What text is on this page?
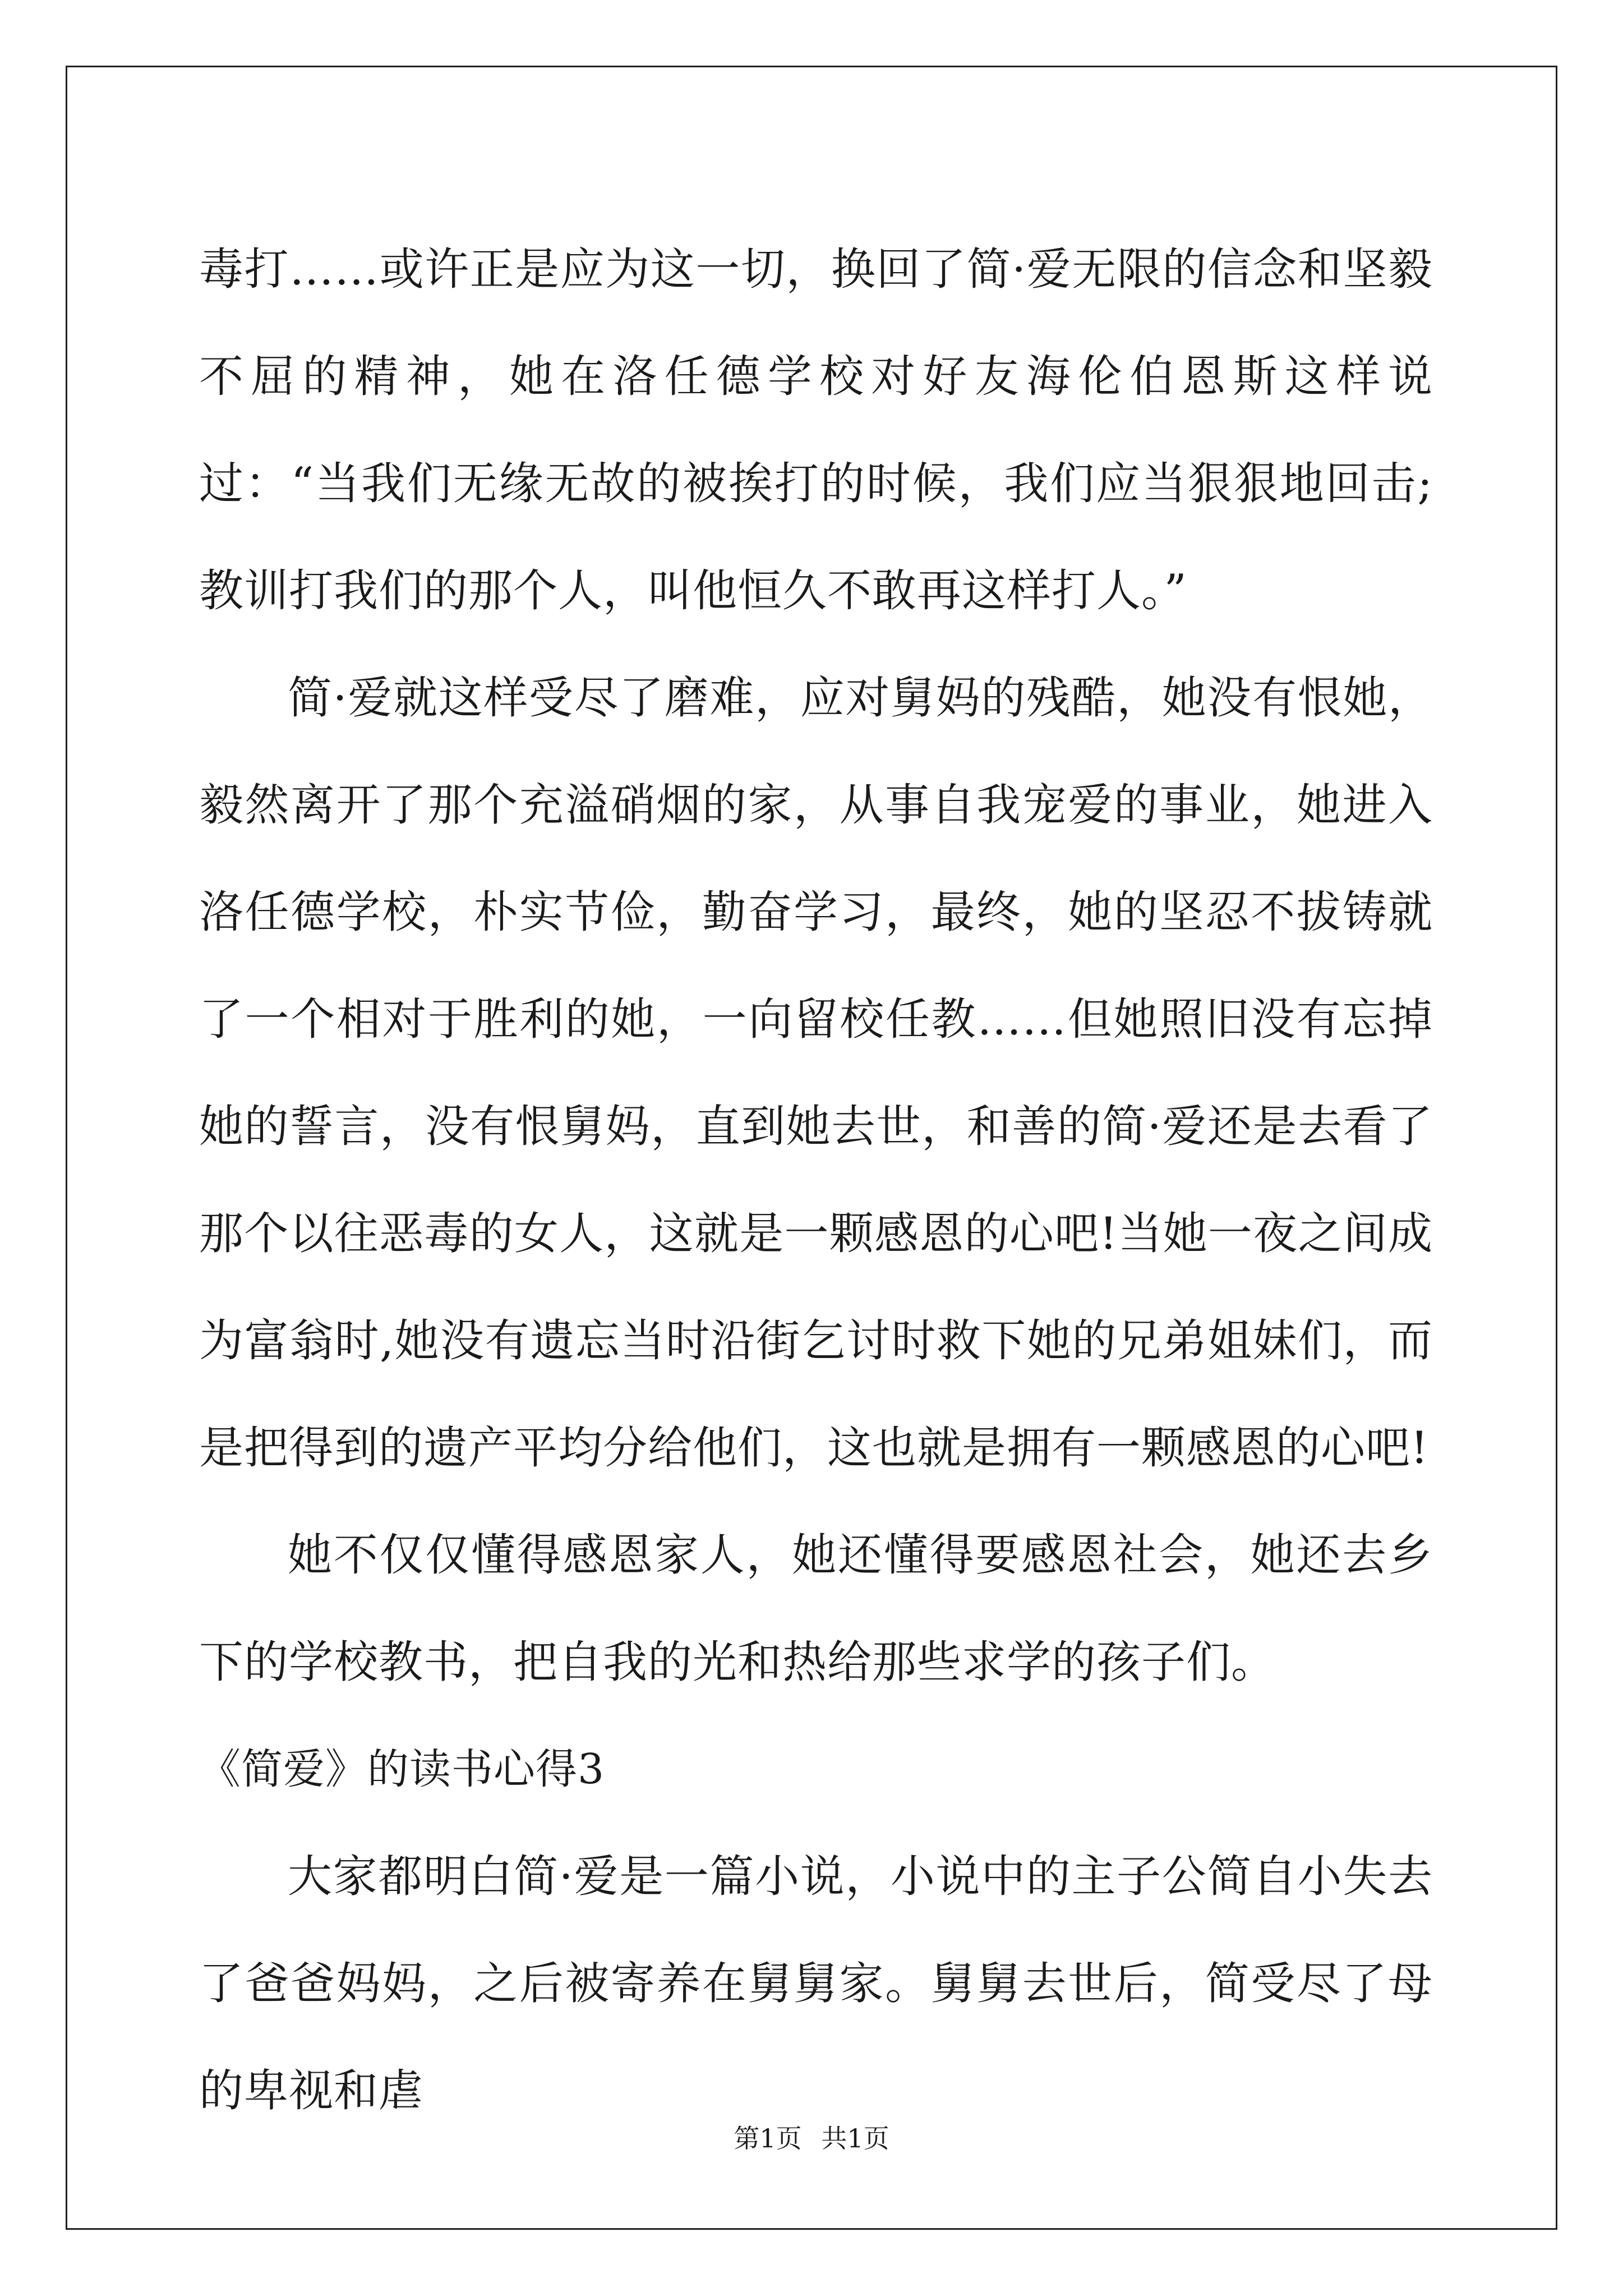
毒打……或许正是应为这一切，换回了简·爱无限的信念和坚毅不屈的精神，她在洛任德学校对好友海伦伯恩斯这样说过：“当我们无缘无故的被挨打的时候，我们应当狠狠地回击;教训打我们的那个人，叫他恒久不敢再这样打人。”

简·爱就这样受尽了磨难，应对舅妈的残酷，她没有恨她，毅然离开了那个充溢硝烟的家，从事自我宠爱的事业，她进入洛任德学校，朴实节俭，勤奋学习，最终，她的坚忍不拔铸就了一个相对于胜利的她，一向留校任教……但她照旧没有忘掉她的誓言，没有恨舅妈，直到她去世，和善的简·爱还是去看了那个以往恶毒的女人，这就是一颗感恩的心吧!当她一夜之间成为富翁时,她没有遗忘当时沿街乞讨时救下她的兄弟姐妹们，而是把得到的遗产平均分给他们，这也就是拥有一颗感恩的心吧!

她不仅仅懂得感恩家人，她还懂得要感恩社会，她还去乡下的学校教书，把自我的光和热给那些求学的孩子们。

《简爱》的读书心得3

大家都明白简·爱是一篇小说，小说中的主子公简自小失去了爸爸妈妈，之后被寄养在舅舅家。舅舅去世后，简受尽了母的卑视和虐

第1页 共1页
